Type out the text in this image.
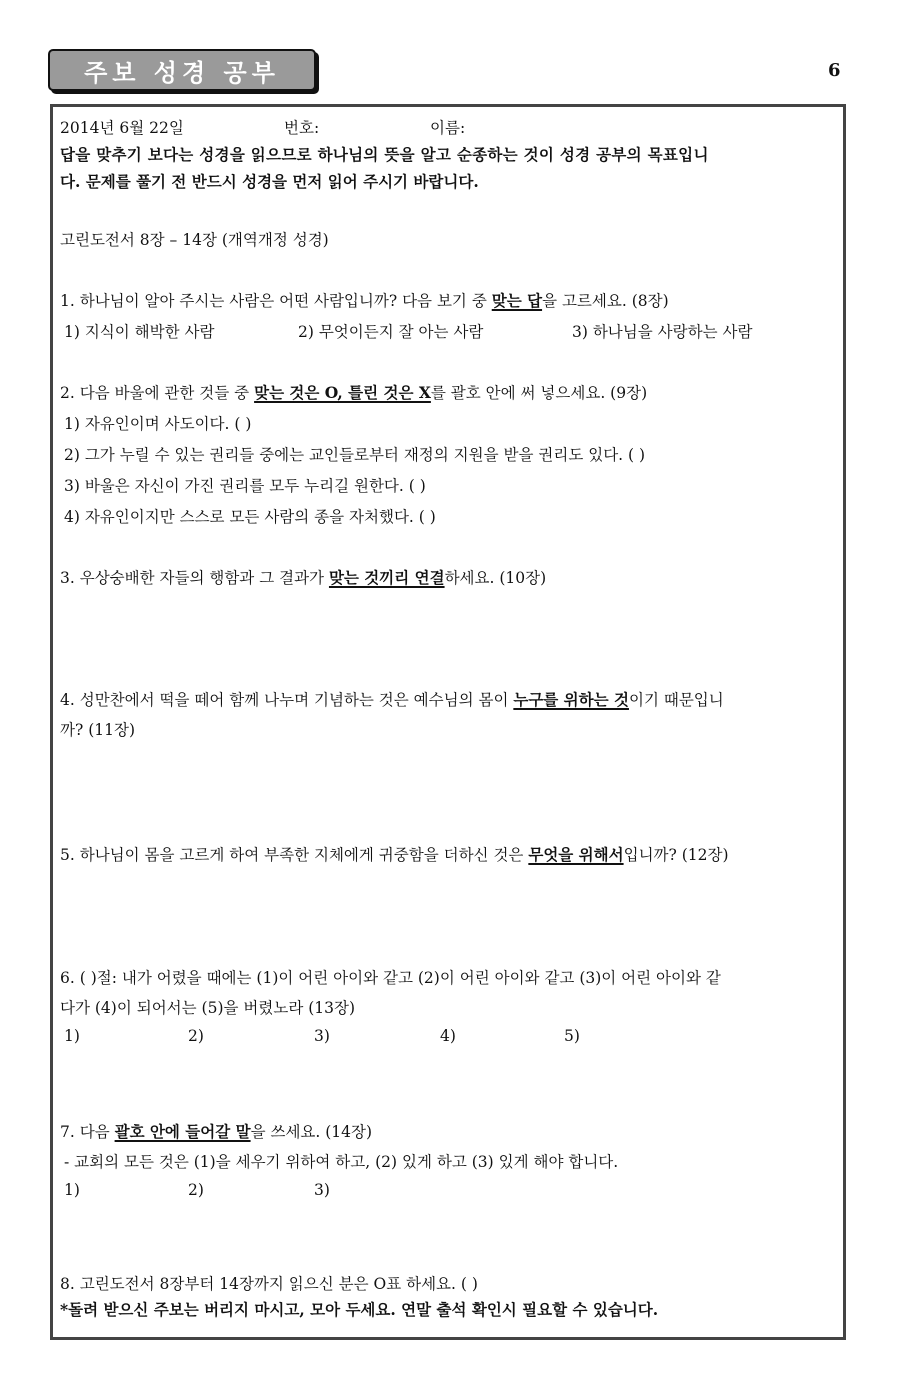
주보 성경 공부	6
2014년 6월 22일	번호:	이름:
답을 맞추기 보다는 성경을 읽으므로 하나님의 뜻을 알고 순종하는 것이 성경 공부의 목표입니
다. 문제를 풀기 전 반드시 성경을 먼저 읽어 주시기 바랍니다.
고린도전서 8장 – 14장 (개역개정 성경)
1. 하나님이 알아 주시는 사람은 어떤 사람입니까? 다음 보기 중 맞는 답을 고르세요. (8장)
1) 지식이 해박한 사람	2) 무엇이든지 잘 아는 사람	3) 하나님을 사랑하는 사람
2. 다음 바울에 관한 것들 중 맞는 것은 O, 틀린 것은 X를 괄호 안에 써 넣으세요. (9장)
1) 자유인이며 사도이다. ( )
2) 그가 누릴 수 있는 권리들 중에는 교인들로부터 재정의 지원을 받을 권리도 있다. ( )
3) 바울은 자신이 가진 권리를 모두 누리길 원한다. ( )
4) 자유인이지만 스스로 모든 사람의 종을 자처했다. ( )
3. 우상숭배한 자들의 행함과 그 결과가 맞는 것끼리 연결하세요. (10장)
4. 성만찬에서 떡을 떼어 함께 나누며 기념하는 것은 예수님의 몸이 누구를 위하는 것이기 때문입니
까? (11장)
5. 하나님이 몸을 고르게 하여 부족한 지체에게 귀중함을 더하신 것은 무엇을 위해서입니까? (12장)
6. ( )절: 내가 어렸을 때에는 (1)이 어린 아이와 같고 (2)이 어린 아이와 같고 (3)이 어린 아이와 같
다가 (4)이 되어서는 (5)을 버렸노라 (13장)
1)	2)	3)	4)	5)
7. 다음 괄호 안에 들어갈 말을 쓰세요. (14장)
- 교회의 모든 것은 (1)을 세우기 위하여 하고, (2) 있게 하고 (3) 있게 해야 합니다.
1)	2)	3)
8. 고린도전서 8장부터 14장까지 읽으신 분은 O표 하세요. ( )
*돌려 받으신 주보는 버리지 마시고, 모아 두세요. 연말 출석 확인시 필요할 수 있습니다.
